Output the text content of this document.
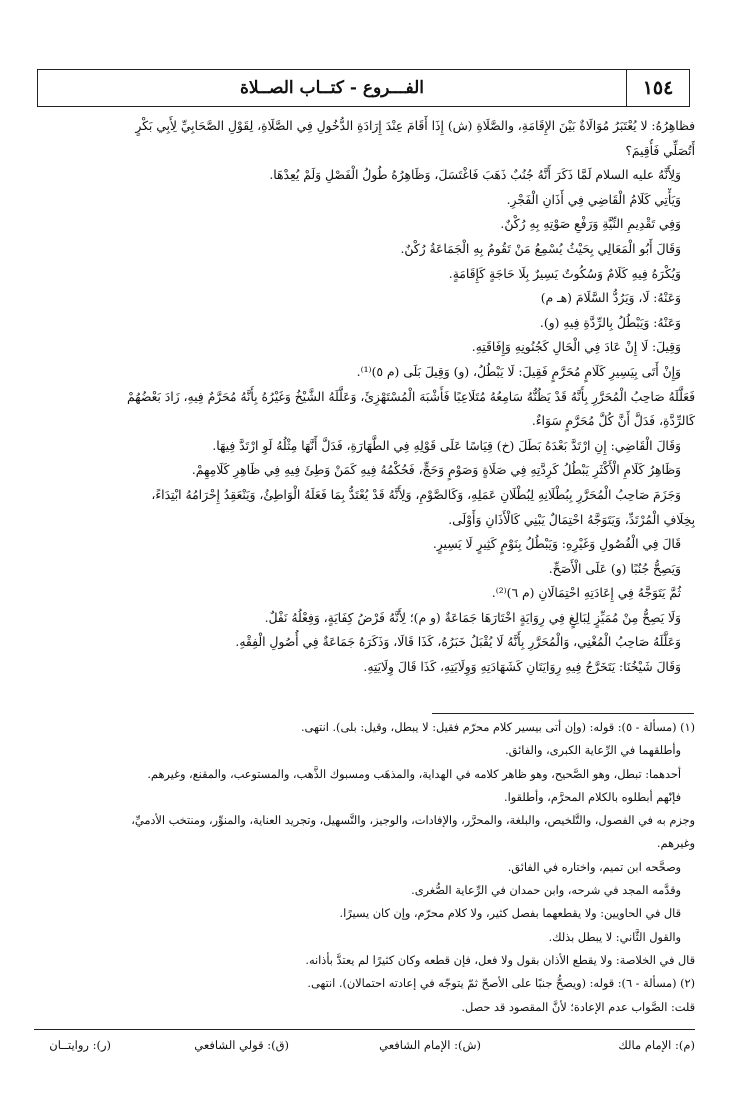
١٥٤
الفـــروع - كتــاب الصــلاة
فظاهِرُهُ: لا يُعْتَبَرُ مُوَالَاةٌ بَيْنَ الإِقَامَةِ، والصَّلَاةِ (ش) إِذَا أَقَامَ عِنْدَ إِرَادَةِ الدُّخُولِ فِي الصَّلَاةِ، لِقَوْلِ الصَّحَابِيِّ لِأَبِي بَكْرٍ
أَتُصَلِّي فَأُقِيمَ؟
وَلِأَنَّهُ عليه السلام لَمَّا ذَكَرَ أَنَّهُ جُنُبٌ ذَهَبَ فَاغْتَسَلَ، وَظَاهِرُهُ طُولُ الْفَصْلِ وَلَمْ يُعِدْهَا.
وَيَأْتِي كَلَامُ الْقَاضِي فِي أَذَانِ الْفَجْرِ.
وَفِي تَقْدِيمِ النِّيَّةِ وَرَفْعِ صَوْتِهِ بِهِ رُكْنٌ.
وَقَالَ أَبُو الْمَعَالِي بِحَيْثُ يُسْمِعُ مَنْ تَقُومُ بِهِ الْجَمَاعَةُ رُكْنٌ.
وَيُكْرَهُ فِيهِ كَلَامٌ وَسُكُوتٌ يَسِيرٌ بِلَا حَاجَةٍ كَإِقَامَةٍ.
وَعَنْهُ: لَا، وَيَرُدُّ السَّلَامَ (هـ م)
وَعَنْهُ: وَيَبْطُلُ بِالرِّدَّةِ فِيهِ (و).
وَقِيلَ: لَا إِنْ عَادَ فِي الْحَالِ كَجُنُونِهِ وَإِفَاقَتِهِ.
وَإِنْ أَتَى بِيَسِيرِ كَلَامٍ مُحَرَّمٍ فَقِيلَ: لَا يَبْطُلُ، (و) وَقِيلَ بَلَى (م ٥)⁽¹⁾.
فَعَلَّلَهُ صَاحِبُ الْمُحَرَّرِ بِأَنَّهُ قَدْ يَظُنُّهُ سَامِعُهُ مُتَلَاعِبًا فَأَشْبَهَ الْمُسْتَهْزِئَ، وَعَلَّلَهُ الشَّيْخُ وَغَيْرُهُ بِأَنَّهُ مُحَرَّمٌ فِيهِ، زَادَ بَعْضُهُمْ
كَالرِّدَّةِ، فَدَلَّ أَنَّ كُلَّ مُحَرَّمٍ سَوَاءٌ.
وَقَالَ الْقَاضِي: إِنِ ارْتَدَّ بَعْدَهُ بَطَلَ (خ) قِيَاسًا عَلَى قَوْلِهِ فِي الطَّهَارَةِ، فَدَلَّ أَنَّهَا مِثْلُهُ لَوِ ارْتَدَّ فِيهَا.
وَظَاهِرُ كَلَامِ الْأَكْثَرِ يَبْطُلُ كَرِدَّتِهِ فِي صَلَاةٍ وَصَوْمٍ وَحَجٍّ، فَحُكْمُهُ فِيهِ كَمَنْ وَطِئَ فِيهِ فِي ظَاهِرِ كَلَامِهِمْ.
وَجَزَمَ صَاحِبُ الْمُحَرَّرِ بِبُطْلَانِهِ لِبُطْلَانِ عَمَلِهِ، وَكَالصَّوْمِ، وَلِأَنَّهُ قَدْ يُعْتَدُّ بِمَا فَعَلَهُ الْوَاطِئُ، وَيَنْعَقِدُ إِحْرَامُهُ ابْتِدَاءً،
بِخِلَافِ الْمُرْتَدِّ، وَيَتَوَجَّهُ احْتِمَالٌ يَبْنِي كَالْأَذَانِ وَأَوْلَى.
قَالَ فِي الْفُصُولِ وَغَيْرِهِ: وَيَبْطُلُ بِنَوْمٍ كَثِيرٍ لَا يَسِيرٍ.
وَيَصِحُّ جُنُبًا (و) عَلَى الْأَصَحِّ.
ثُمَّ يَتَوَجَّهُ فِي إِعَادَتِهِ احْتِمَالَانِ (م ٦)⁽²⁾.
وَلَا يَصِحُّ مِنْ مُمَيِّزٍ لِبَالِغٍ فِي رِوَايَةٍ اخْتَارَهَا جَمَاعَةٌ (و م)؛ لِأَنَّهُ فَرْضُ كِفَايَةٍ، وَفِعْلُهُ نَفْلٌ.
وَعَلَّلَهُ صَاحِبُ الْمُغْنِي، وَالْمُحَرَّرِ بِأَنَّهُ لَا يُقْبَلُ خَبَرُهُ، كَذَا قَالَا، وَذَكَرَهُ جَمَاعَةٌ فِي أُصُولِ الْفِقْهِ.
وَقَالَ شَيْخُنَا: يَتَخَرَّجُ فِيهِ رِوَايَتَانِ كَشَهَادَتِهِ وَوِلَايَتِهِ، كَذَا قَالَ وِلَايَتِهِ.
(١) (مسألة - ٥): قوله: (وإن أتى بيسير كلام محرّم فقيل: لا يبطل، وقيل: بلى). انتهى.
وأطلقهما في الرِّعاية الكبرى، والفائق.
أحدهما: تبطل، وهو الصَّحيح، وهو ظاهر كلامه في الهداية، والمذهَب ومسبوك الذَّهب، والمستوعب، والمقنع، وغيرهم.
فإنّهم أبطلوه بالكلام المحرَّم، وأطلقوا.
وجزم به في الفصول، والتَّلخيص، والبلغة، والمحرَّر، والإفادات، والوجيز، والتَّسهيل، وتجريد العناية، والمنوِّر، ومنتخب الأدميِّ،
وغيرهم.
وصحَّحه ابن تميم، واختاره في الفائق.
وقدَّمه المجد في شرحه، وابن حمدان في الرِّعاية الصُّغرى.
قال في الحاويين: ولا يقطعهما بفصل كثير، ولا كلام محرّم، وإن كان يسيرًا.
والقول الثَّاني: لا يبطل بذلك.
قال في الخلاصة: ولا يقطع الأذان بقول ولا فعل، فإن قطعه وكان كثيرًا لم يعتدَّ بأذانه.
(٢) (مسألة - ٦): قوله: (ويصحُّ جنبًا على الأصحّ ثمّ يتوجّه في إعادته احتمالان). انتهى.
قلت: الصَّواب عدم الإعادة؛ لأنَّ المقصود قد حصل.
(م): الإمام مالك
(ش): الإمام الشافعي
(ق): قولي الشافعي
(ر): روايتــان
